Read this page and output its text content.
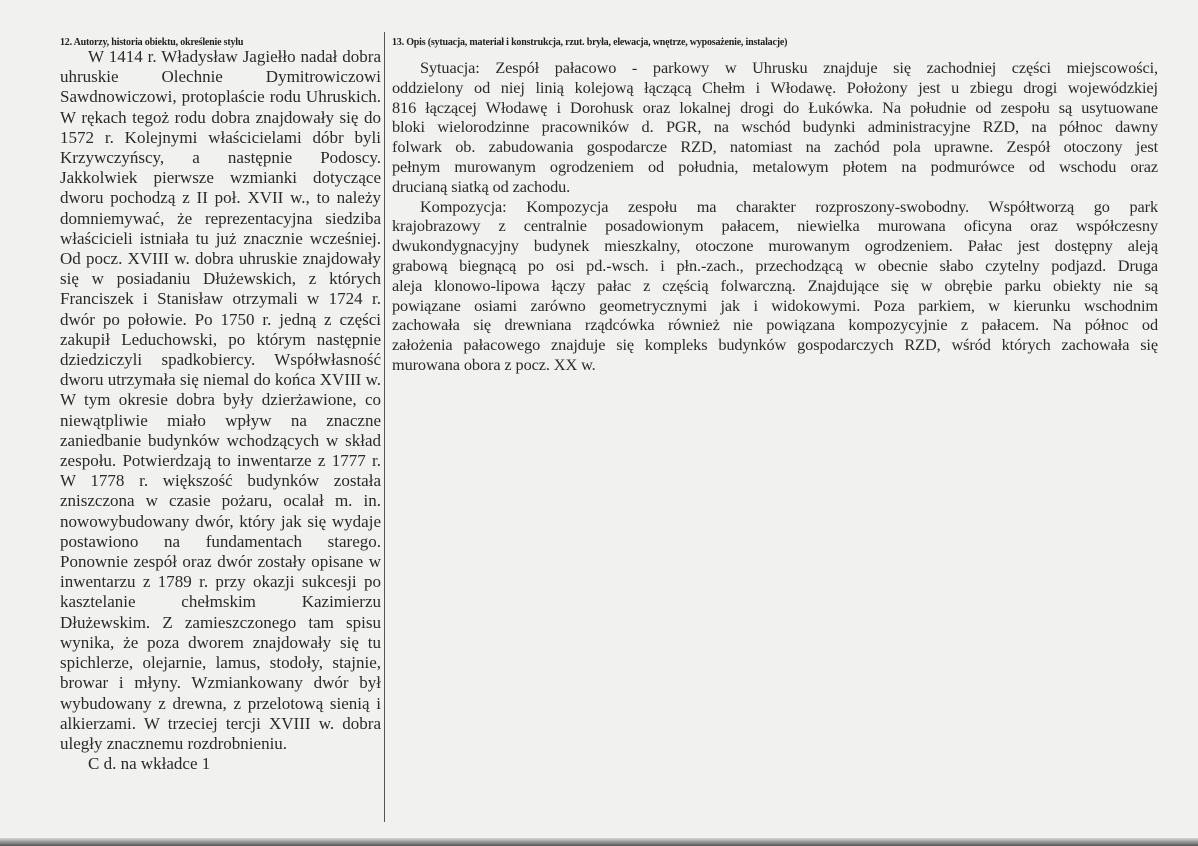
12. Autorzy, historia obiektu, określenie stylu	13. Opis (sytuacja, materiał i konstrukcja, rzut. bryła, elewacja, wnętrze, wyposażenie, instalacje)
W 1414 r. Władysław Jagiełło nadał dobra
uhruskie Olechnie Dymitrowiczowi
Sawdnowiczowi, protoplaście rodu Uhruskich.
W rękach tegoż rodu dobra znajdowały się do
1572 r. Kolejnymi właścicielami dóbr byli
Krzywczyńscy, a następnie Podoscy.
Jakkolwiek pierwsze wzmianki dotyczące
dworu pochodzą z II poł. XVII w., to należy
domniemywać, że reprezentacyjna siedziba
właścicieli istniała tu już znacznie wcześniej.
Od pocz. XVIII w. dobra uhruskie znajdowały
się w posiadaniu Dłużewskich, z których
Franciszek i Stanisław otrzymali w 1724 r.
dwór po połowie. Po 1750 r. jedną z części
zakupił Leduchowski, po którym następnie
dziedziczyli spadkobiercy. Współwłasność
dworu utrzymała się niemal do końca XVIII w.
W tym okresie dobra były dzierżawione, co
niewątpliwie miało wpływ na znaczne
zaniedbanie budynków wchodzących w skład
zespołu. Potwierdzają to inwentarze z 1777 r.
W 1778 r. większość budynków została
zniszczona w czasie pożaru, ocalał m. in.
nowowybudowany dwór, który jak się wydaje
postawiono na fundamentach starego.
Ponownie zespół oraz dwór zostały opisane w
inwentarzu z 1789 r. przy okazji sukcesji po
kasztelanie chełmskim Kazimierzu
Dłużewskim. Z zamieszczonego tam spisu
wynika, że poza dworem znajdowały się tu
spichlerze, olejarnie, lamus, stodoły, stajnie,
browar i młyny. Wzmiankowany dwór był
wybudowany z drewna, z przelotową sienią i
alkierzami. W trzeciej tercji XVIII w. dobra
uległy znacznemu rozdrobnieniu.
C d. na wkładce 1
Sytuacja: Zespół pałacowo - parkowy w Uhrusku znajduje się zachodniej części miejscowości,
oddzielony od niej linią kolejową łączącą Chełm i Włodawę. Położony jest u zbiegu drogi wojewódzkiej
816 łączącej Włodawę i Dorohusk oraz lokalnej drogi do Łukówka. Na południe od zespołu są usytuowane
bloki wielorodzinne pracowników d. PGR, na wschód budynki administracyjne RZD, na północ dawny
folwark ob. zabudowania gospodarcze RZD, natomiast na zachód pola uprawne. Zespół otoczony jest
pełnym murowanym ogrodzeniem od południa, metalowym płotem na podmurówce od wschodu oraz
drucianą siatką od zachodu.
Kompozycja: Kompozycja zespołu ma charakter rozproszony-swobodny. Współtworzą go park
krajobrazowy z centralnie posadowionym pałacem, niewielka murowana oficyna oraz współczesny
dwukondygnacyjny budynek mieszkalny, otoczone murowanym ogrodzeniem. Pałac jest dostępny aleją
grabową biegnącą po osi pd.-wsch. i płn.-zach., przechodzącą w obecnie słabo czytelny podjazd. Druga
aleja klonowo-lipowa łączy pałac z częścią folwarczną. Znajdujące się w obrębie parku obiekty nie są
powiązane osiami zarówno geometrycznymi jak i widokowymi. Poza parkiem, w kierunku wschodnim
zachowała się drewniana rządcówka również nie powiązana kompozycyjnie z pałacem. Na północ od
założenia pałacowego znajduje się kompleks budynków gospodarczych RZD, wśród których zachowała się
murowana obora z pocz. XX w.
